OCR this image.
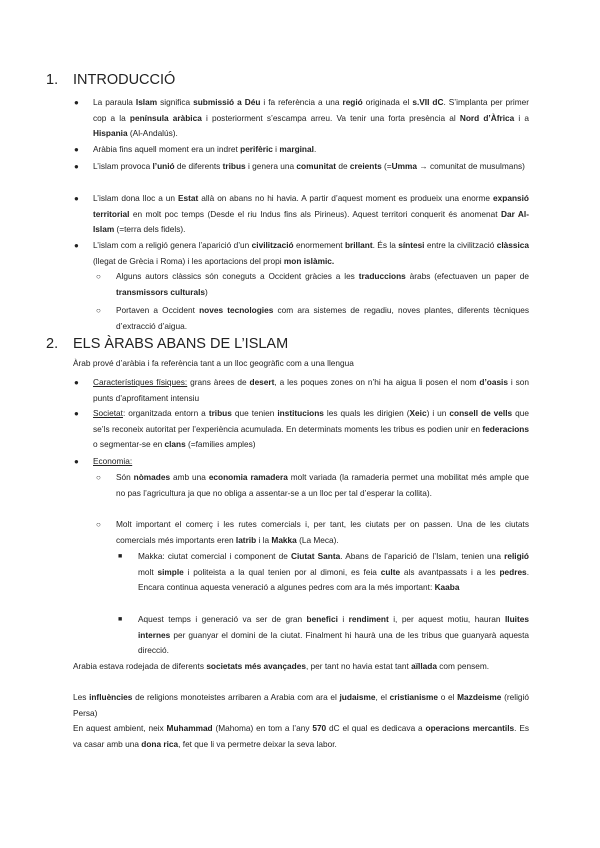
1. INTRODUCCIÓ
● La paraula Islam significa submissió a Déu i fa referència a una regió originada el s.VII dC. S’implanta per primer cop a la península aràbica i posteriorment s’escampa arreu. Va tenir una forta presència al Nord d’Àfrica i a Hispania (Al-Andalús).
● Aràbia fins aquell moment era un indret perifèric i marginal.
● L’islam provoca l’unió de diferents tribus i genera una comunitat de creients (=Umma → comunitat de musulmans)
● L’islam dona lloc a un Estat allà on abans no hi havia. A partir d’aquest moment es produeix una enorme expansió territorial en molt poc temps (Desde el riu Indus fins als Pirineus). Aquest territori conquerit és anomenat Dar Al-Islam (=terra dels fidels).
● L’islam com a religió genera l’aparició d’un civilització enormement brillant. És la síntesi entre la civilització clàssica (llegat de Grècia i Roma) i les aportacions del propi mon islàmic.
○ Alguns autors clàssics són coneguts a Occident gràcies a les traduccions àrabs (efectuaven un paper de transmissors culturals)
○ Portaven a Occident noves tecnologies com ara sistemes de regadiu, noves plantes, diferents tècniques d’extracció d’aigua.
2. ELS ÀRABS ABANS DE L’ISLAM
Àrab prové d’aràbia i fa referència tant a un lloc geogràfic com a una llengua
● Característiques físiques: grans àrees de desert, a les poques zones on n’hi ha aigua li posen el nom d’oasis i son punts d’aprofitament intensiu
● Societat: organitzada entorn a tribus que tenien institucions les quals les dirigien (Xeic) i un consell de vells que se’ls reconeix autoritat per l’experiència acumulada. En determinats moments les tribus es podien unir en federacions o segmentar-se en clans (=families amples)
● Economia:
○ Són nòmades amb una economia ramadera molt variada (la ramaderia permet una mobilitat més ample que no pas l’agricultura ja que no obliga a assentar-se a un lloc per tal d’esperar la collita).
○ Molt important el comerç i les rutes comercials i, per tant, les ciutats per on passen. Una de les ciutats comercials més importants eren Iatrib i la Makka (La Meca).
■ Makka: ciutat comercial i component de Ciutat Santa. Abans de l’aparició de l’Islam, tenien una religió molt simple i politeista a la qual tenien por al dimoni, es feia culte als avantpassats i a les pedres. Encara continua aquesta veneració a algunes pedres com ara la més important: Kaaba
■ Aquest temps i generació va ser de gran benefici i rendiment i, per aquest motiu, hauran lluites internes per guanyar el domini de la ciutat. Finalment hi haurà una de les tribus que guanyarà aquesta direcció.
Arabia estava rodejada de diferents societats més avançades, per tant no havia estat tant aïllada com pensem.
Les influències de religions monoteistes arribaren a Arabia com ara el judaisme, el cristianisme o el Mazdeisme (religió Persa)
En aquest ambient, neix Muhammad (Mahoma) en tom a l’any 570 dC el qual es dedicava a operacions mercantils. Es va casar amb una dona rica, fet que li va permetre deixar la seva labor.
